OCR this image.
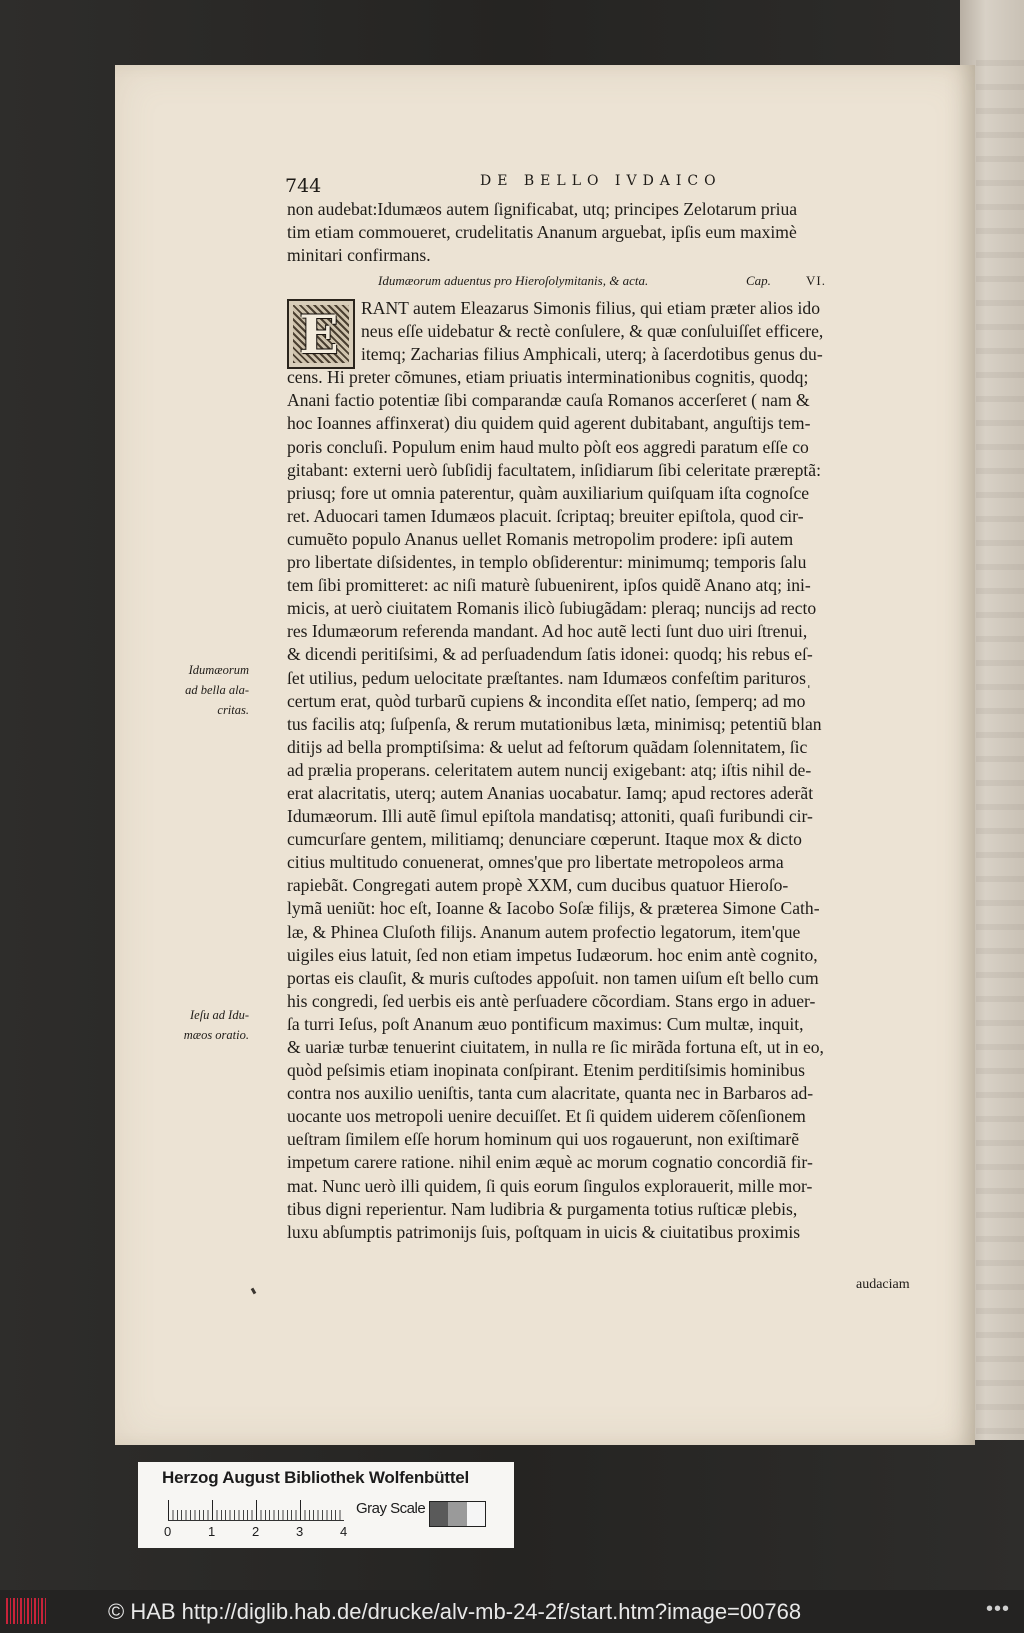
744	DE BELLO IVDAICO
non audebat:Idumæos autem ſignificabat, utq; principes Zelotarum priua
tim etiam commoueret, crudelitatis Ananum arguebat, ipſis eum maximè
minitari confirmans.
Idumæorum aduentus pro Hieroſolymitanis, & acta.	Cap.	VI.
E	RANT autem Eleazarus Simonis filius, qui etiam præter alios ido
neus eſſe uidebatur & rectè conſulere, & quæ conſuluiſſet efficere,
itemq; Zacharias filius Amphicali, uterq; à ſacerdotibus genus du-
cens. Hi preter cõmunes, etiam priuatis interminationibus cognitis, quodq;
Anani factio potentiæ ſibi comparandæ cauſa Romanos accerſeret ( nam &
hoc Ioannes affinxerat) diu quidem quid agerent dubitabant, anguſtijs tem-
poris concluſi. Populum enim haud multo pòſt eos aggredi paratum eſſe co
gitabant: externi uerò ſubſidij facultatem, inſidiarum ſibi celeritate præreptã:
priusq; fore ut omnia paterentur, quàm auxiliarium quiſquam iſta cognoſce
ret. Aduocari tamen Idumæos placuit. ſcriptaq; breuiter epiſtola, quod cir-
cumuẽto populo Ananus uellet Romanis metropolim prodere: ipſi autem
pro libertate diſsidentes, in templo obſiderentur: minimumq; temporis ſalu
tem ſibi promitteret: ac niſi maturè ſubuenirent, ipſos quidẽ Anano atq; ini-
micis, at uerò ciuitatem Romanis ilicò ſubiugãdam: pleraq; nuncijs ad recto
res Idumæorum referenda mandant. Ad hoc autẽ lecti ſunt duo uiri ſtrenui,
& dicendi peritiſsimi, & ad perſuadendum ſatis idonei: quodq; his rebus eſ-
ſet utilius, pedum uelocitate præſtantes. nam Idumæos confeſtim pariturosˌ
certum erat, quòd turbarũ cupiens & incondita eſſet natio, ſemperq; ad mo
tus facilis atq; ſuſpenſa, & rerum mutationibus læta, minimisq; petentiũ blan
ditijs ad bella promptiſsima: & uelut ad feſtorum quãdam ſolennitatem, ſic
ad prælia properans. celeritatem autem nuncij exigebant: atq; iſtis nihil de-
erat alacritatis, uterq; autem Ananias uocabatur. Iamq; apud rectores aderãt
Idumæorum. Illi autẽ ſimul epiſtola mandatisq; attoniti, quaſi furibundi cir-
cumcurſare gentem, militiamq; denunciare cœperunt. Itaque mox & dicto
citius multitudo conuenerat, omnes'que pro libertate metropoleos arma
rapiebãt. Congregati autem propè XXM, cum ducibus quatuor Hieroſo-
lymã ueniũt: hoc eſt, Ioanne & Iacobo Soſæ filijs, & præterea Simone Cath-
læ, & Phinea Cluſoth filijs. Ananum autem profectio legatorum, item'que
uigiles eius latuit, ſed non etiam impetus Iudæorum. hoc enim antè cognito,
portas eis clauſit, & muris cuſtodes appoſuit. non tamen uiſum eſt bello cum
his congredi, ſed uerbis eis antè perſuadere cõcordiam. Stans ergo in aduer-
ſa turri Ieſus, poſt Ananum æuo pontificum maximus: Cum multæ, inquit,
& uariæ turbæ tenuerint ciuitatem, in nulla re ſic mirãda fortuna eſt, ut in eo,
quòd peſsimis etiam inopinata conſpirant. Etenim perditiſsimis hominibus
contra nos auxilio ueniſtis, tanta cum alacritate, quanta nec in Barbaros ad-
uocante uos metropoli uenire decuiſſet. Et ſi quidem uiderem cõſenſionem
ueſtram ſimilem eſſe horum hominum qui uos rogauerunt, non exiſtimarẽ
impetum carere ratione. nihil enim æquè ac morum cognatio concordiã fir-
mat. Nunc uerò illi quidem, ſi quis eorum ſingulos explorauerit, mille mor-
tibus digni reperientur. Nam ludibria & purgamenta totius ruſticæ plebis,
luxu abſumptis patrimonijs ſuis, poſtquam in uicis & ciuitatibus proximis
Idumæorum
ad bella ala-
critas.
Ieſu ad Idu-
mæos oratio.
audaciam
Herzog August Bibliothek Wolfenbüttel
0	1	2	3	4
Gray Scale
© HAB http://diglib.hab.de/drucke/alv-mb-24-2f/start.htm?image=00768	•••
